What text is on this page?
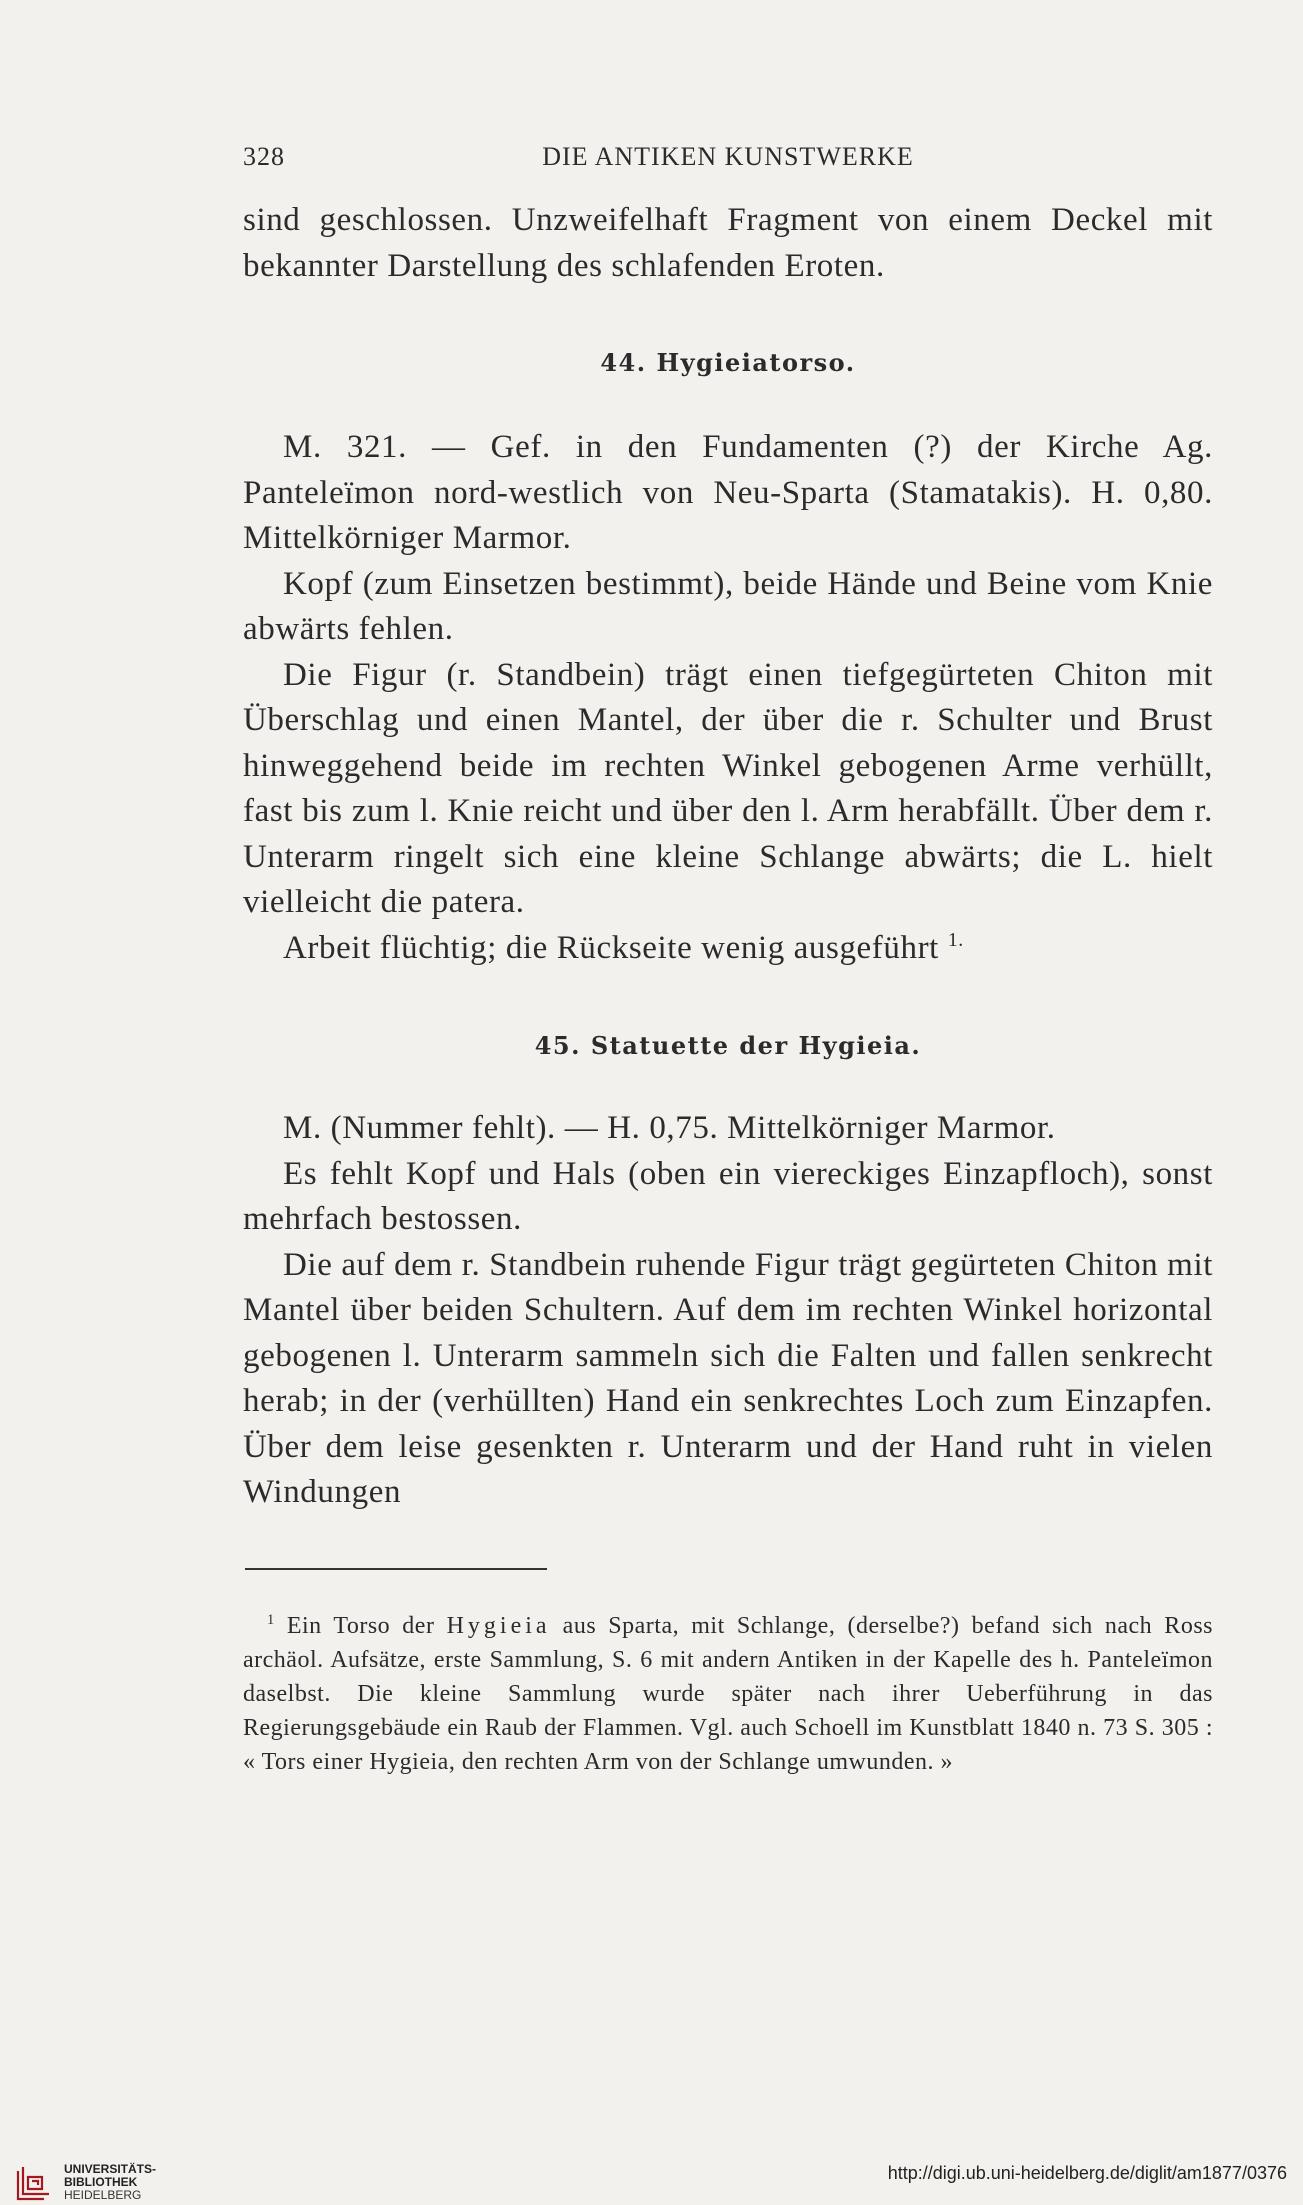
328	DIE ANTIKEN KUNSTWERKE

sind geschlossen. Unzweifelhaft Fragment von einem Deckel mit bekannter Darstellung des schlafenden Eroten.

44. Hygieiatorso.

M. 321. — Gef. in den Fundamenten (?) der Kirche Ag. Panteleïmon nord-westlich von Neu-Sparta (Stamatakis). H. 0,80. Mittelkörniger Marmor.

Kopf (zum Einsetzen bestimmt), beide Hände und Beine vom Knie abwärts fehlen.

Die Figur (r. Standbein) trägt einen tiefgegürteten Chiton mit Überschlag und einen Mantel, der über die r. Schulter und Brust hinweggehend beide im rechten Winkel gebogenen Arme verhüllt, fast bis zum l. Knie reicht und über den l. Arm herabfällt. Über dem r. Unterarm ringelt sich eine kleine Schlange abwärts; die L. hielt vielleicht die patera.

Arbeit flüchtig; die Rückseite wenig ausgeführt $^{1.}$

45. Statuette der Hygieia.

M. (Nummer fehlt). — H. 0,75. Mittelkörniger Marmor.

Es fehlt Kopf und Hals (oben ein viereckiges Einzapfloch), sonst mehrfach bestossen.

Die auf dem r. Standbein ruhende Figur trägt gegürteten Chiton mit Mantel über beiden Schultern. Auf dem im rechten Winkel horizontal gebogenen l. Unterarm sammeln sich die Falten und fallen senkrecht herab; in der (verhüllten) Hand ein senkrechtes Loch zum Einzapfen. Über dem leise gesenkten r. Unterarm und der Hand ruht in vielen Windungen

$^1$ Ein Torso der Hygieia aus Sparta, mit Schlange, (derselbe?) befand sich nach Ross archäol. Aufsätze, erste Sammlung, S. 6 mit andern Antiken in der Kapelle des h. Panteleïmon daselbst. Die kleine Sammlung wurde später nach ihrer Ueberführung in das Regierungsgebäude ein Raub der Flammen. Vgl. auch Schoell im Kunstblatt 1840 n. 73 S. 305 : « Tors einer Hygieia, den rechten Arm von der Schlange umwunden. »

UNIVERSITÄTS-
BIBLIOTHEK
HEIDELBERG
http://digi.ub.uni-heidelberg.de/diglit/am1877/0376
